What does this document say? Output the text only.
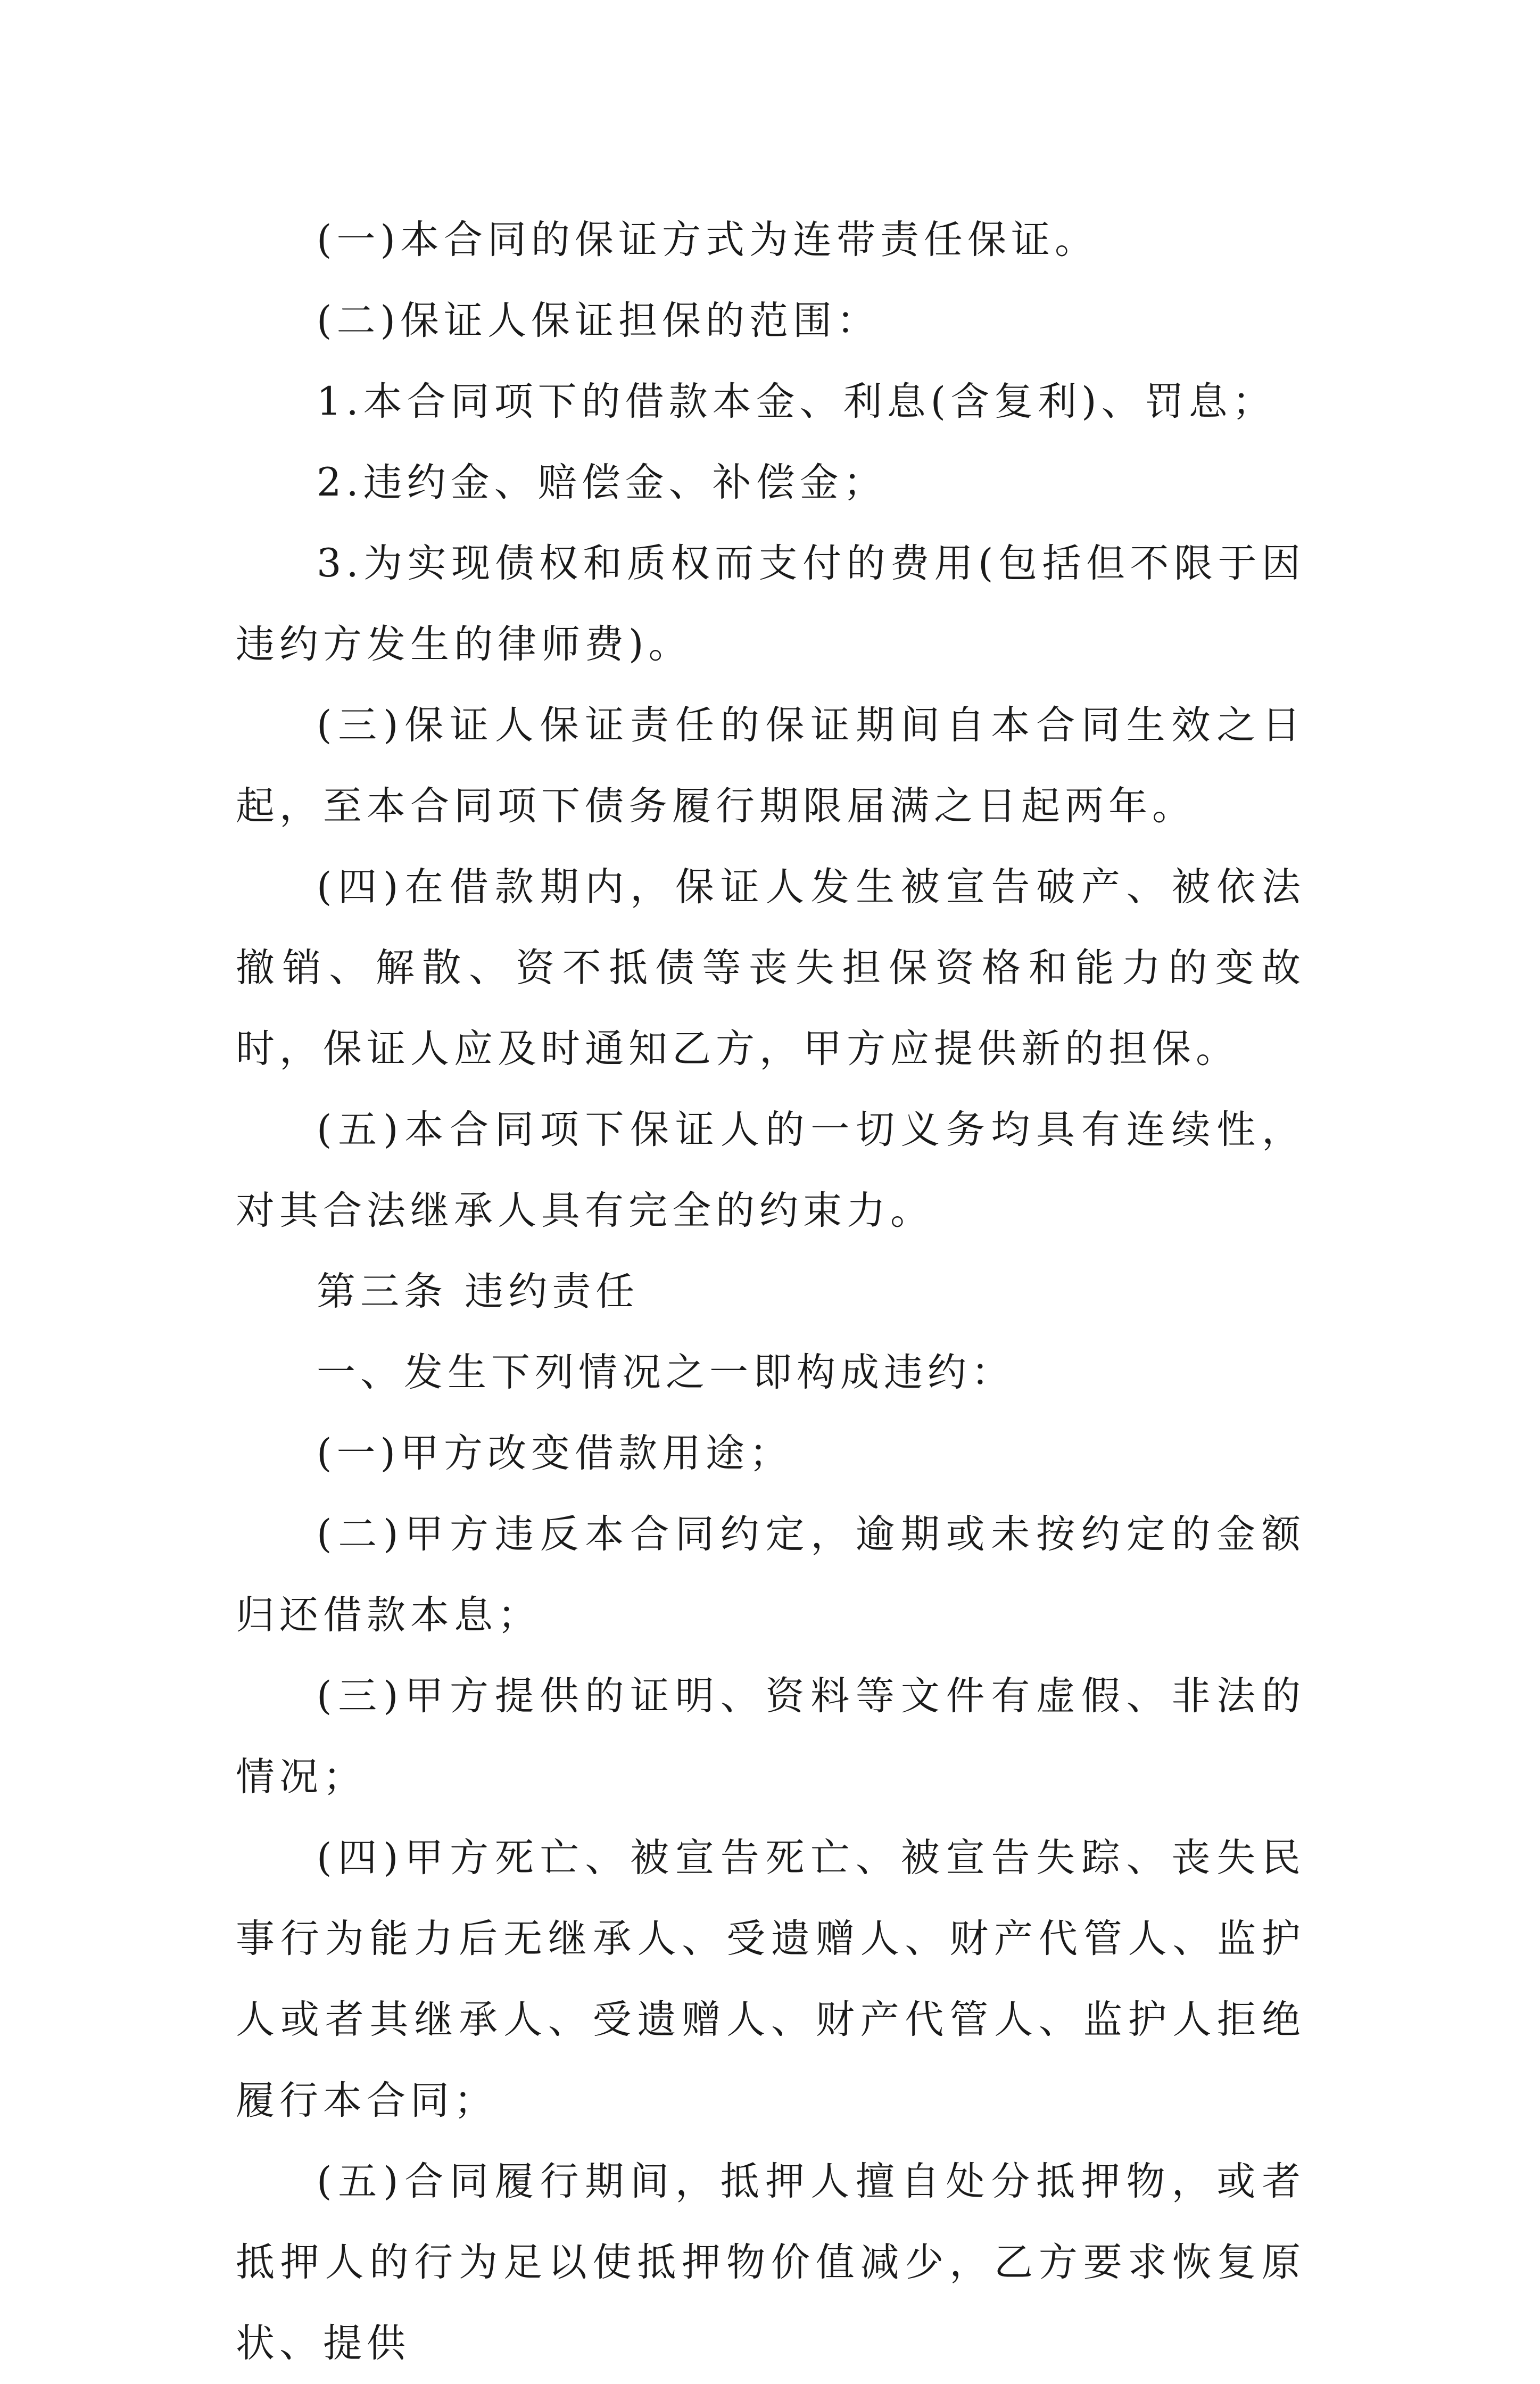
(一)本合同的保证方式为连带责任保证。

(二)保证人保证担保的范围：

1.本合同项下的借款本金、利息(含复利)、罚息；

2.违约金、赔偿金、补偿金；

3.为实现债权和质权而支付的费用(包括但不限于因违约方发生的律师费)。

(三)保证人保证责任的保证期间自本合同生效之日起，至本合同项下债务履行期限届满之日起两年。

(四)在借款期内，保证人发生被宣告破产、被依法撤销、解散、资不抵债等丧失担保资格和能力的变故时，保证人应及时通知乙方，甲方应提供新的担保。

(五)本合同项下保证人的一切义务均具有连续性，对其合法继承人具有完全的约束力。

第三条 违约责任

一、发生下列情况之一即构成违约：

(一)甲方改变借款用途；

(二)甲方违反本合同约定，逾期或未按约定的金额归还借款本息；

(三)甲方提供的证明、资料等文件有虚假、非法的情况；

(四)甲方死亡、被宣告死亡、被宣告失踪、丧失民事行为能力后无继承人、受遗赠人、财产代管人、监护人或者其继承人、受遗赠人、财产代管人、监护人拒绝履行本合同；

(五)合同履行期间，抵押人擅自处分抵押物，或者抵押人的行为足以使抵押物价值减少，乙方要求恢复原状、提供
